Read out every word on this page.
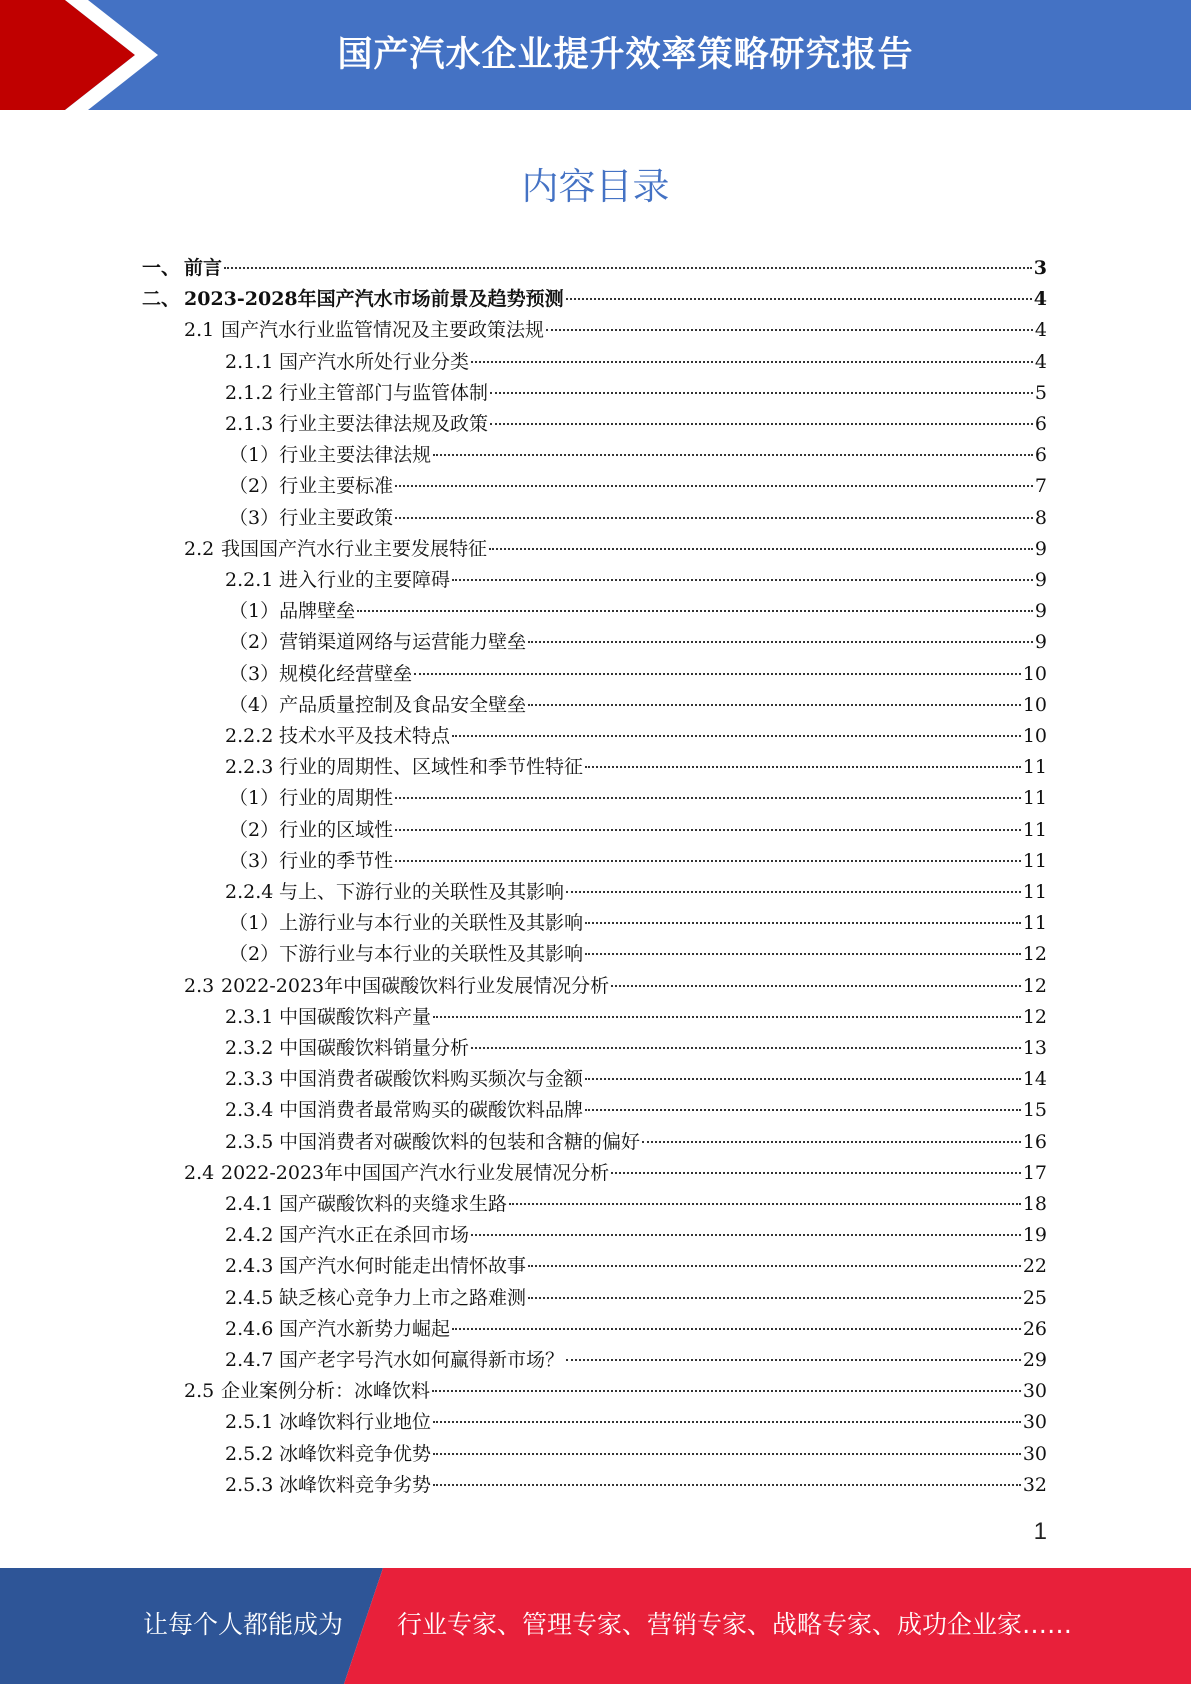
国产汽水企业提升效率策略研究报告
内容目录
一、 前言	3
二、 2023-2028年国产汽水市场前景及趋势预测	4
2.1 国产汽水行业监管情况及主要政策法规	4
2.1.1 国产汽水所处行业分类	4
2.1.2 行业主管部门与监管体制	5
2.1.3 行业主要法律法规及政策	6
（1） 行业主要法律法规	6
（2） 行业主要标准	7
（3） 行业主要政策	8
2.2 我国国产汽水行业主要发展特征	9
2.2.1 进入行业的主要障碍	9
（1） 品牌壁垒	9
（2） 营销渠道网络与运营能力壁垒	9
（3） 规模化经营壁垒	10
（4） 产品质量控制及食品安全壁垒	10
2.2.2 技术水平及技术特点	10
2.2.3 行业的周期性、区域性和季节性特征	11
（1） 行业的周期性	11
（2） 行业的区域性	11
（3） 行业的季节性	11
2.2.4 与上、下游行业的关联性及其影响	11
（1） 上游行业与本行业的关联性及其影响	11
（2） 下游行业与本行业的关联性及其影响	12
2.3 2022-2023年中国碳酸饮料行业发展情况分析	12
2.3.1 中国碳酸饮料产量	12
2.3.2 中国碳酸饮料销量分析	13
2.3.3 中国消费者碳酸饮料购买频次与金额	14
2.3.4 中国消费者最常购买的碳酸饮料品牌	15
2.3.5 中国消费者对碳酸饮料的包装和含糖的偏好	16
2.4 2022-2023年中国国产汽水行业发展情况分析	17
2.4.1 国产碳酸饮料的夹缝求生路	18
2.4.2 国产汽水正在杀回市场	19
2.4.3 国产汽水何时能走出情怀故事	22
2.4.5 缺乏核心竞争力上市之路难测	25
2.4.6 国产汽水新势力崛起	26
2.4.7 国产老字号汽水如何赢得新市场？	29
2.5 企业案例分析：冰峰饮料	30
2.5.1 冰峰饮料行业地位	30
2.5.2 冰峰饮料竞争优势	30
2.5.3 冰峰饮料竞争劣势	32
1
让每个人都能成为 行业专家、管理专家、营销专家、战略专家、成功企业家……
